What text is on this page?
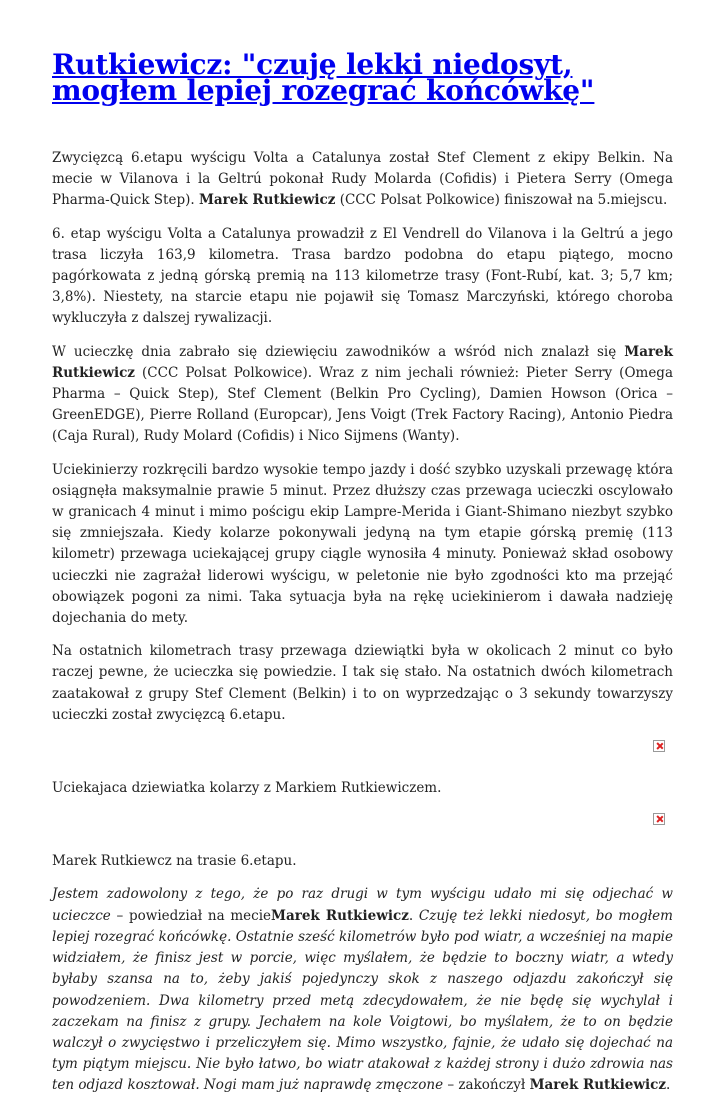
Rutkiewicz: "czuję lekki niedosyt, mogłem lepiej rozegrać końcówkę"

Zwycięzcą 6.etapu wyścigu Volta a Catalunya został Stef Clement z ekipy Belkin. Na mecie w Vilanova i la Geltrú pokonał Rudy Molarda (Cofidis) i Pietera Serry (Omega Pharma-Quick Step). Marek Rutkiewicz (CCC Polsat Polkowice) finiszował na 5.miejscu.

6. etap wyścigu Volta a Catalunya prowadził z El Vendrell do Vilanova i la Geltrú a jego trasa liczyła 163,9 kilometra. Trasa bardzo podobna do etapu piątego, mocno pagórkowata z jedną górską premią na 113 kilometrze trasy (Font-Rubí, kat. 3; 5,7 km; 3,8%). Niestety, na starcie etapu nie pojawił się Tomasz Marczyński, którego choroba wykluczyła z dalszej rywalizacji.

W ucieczkę dnia zabrało się dziewięciu zawodników a wśród nich znalazł się Marek Rutkiewicz (CCC Polsat Polkowice). Wraz z nim jechali również: Pieter Serry (Omega Pharma – Quick Step), Stef Clement (Belkin Pro Cycling), Damien Howson (Orica – GreenEDGE), Pierre Rolland (Europcar), Jens Voigt (Trek Factory Racing), Antonio Piedra (Caja Rural), Rudy Molard (Cofidis) i Nico Sijmens (Wanty).

Uciekinierzy rozkręcili bardzo wysokie tempo jazdy i dość szybko uzyskali przewagę która osiągnęła maksymalnie prawie 5 minut. Przez dłuższy czas przewaga ucieczki oscylowało w granicach 4 minut i mimo pościgu ekip Lampre-Merida i Giant-Shimano niezbyt szybko się zmniejszała. Kiedy kolarze pokonywali jedyną na tym etapie górską premię (113 kilometr) przewaga uciekającej grupy ciągle wynosiła 4 minuty. Ponieważ skład osobowy ucieczki nie zagrażał liderowi wyścigu, w peletonie nie było zgodności kto ma przejąć obowiązek pogoni za nimi. Taka sytuacja była na rękę uciekinierom i dawała nadzieję dojechania do mety.

Na ostatnich kilometrach trasy przewaga dziewiątki była w okolicach 2 minut co było raczej pewne, że ucieczka się powiedzie. I tak się stało. Na ostatnich dwóch kilometrach zaatakował z grupy Stef Clement (Belkin) i to on wyprzedzając o 3 sekundy towarzyszy ucieczki został zwycięzcą 6.etapu.

Uciekajaca dziewiatka kolarzy z Markiem Rutkiewiczem.

Marek Rutkiewcz na trasie 6.etapu.

Jestem zadowolony z tego, że po raz drugi w tym wyścigu udało mi się odjechać w ucieczce – powiedział na mecieMarek Rutkiewicz. Czuję też lekki niedosyt, bo mogłem lepiej rozegrać końcówkę. Ostatnie sześć kilometrów było pod wiatr, a wcześniej na mapie widziałem, że finisz jest w porcie, więc myślałem, że będzie to boczny wiatr, a wtedy byłaby szansa na to, żeby jakiś pojedynczy skok z naszego odjazdu zakończył się powodzeniem. Dwa kilometry przed metą zdecydowałem, że nie będę się wychylał i zaczekam na finisz z grupy. Jechałem na kole Voigtowi, bo myślałem, że to on będzie walczył o zwycięstwo i przeliczyłem się. Mimo wszystko, fajnie, że udało się dojechać na tym piątym miejscu. Nie było łatwo, bo wiatr atakował z każdej strony i dużo zdrowia nas ten odjazd kosztował. Nogi mam już naprawdę zmęczone – zakończył Marek Rutkiewicz.
